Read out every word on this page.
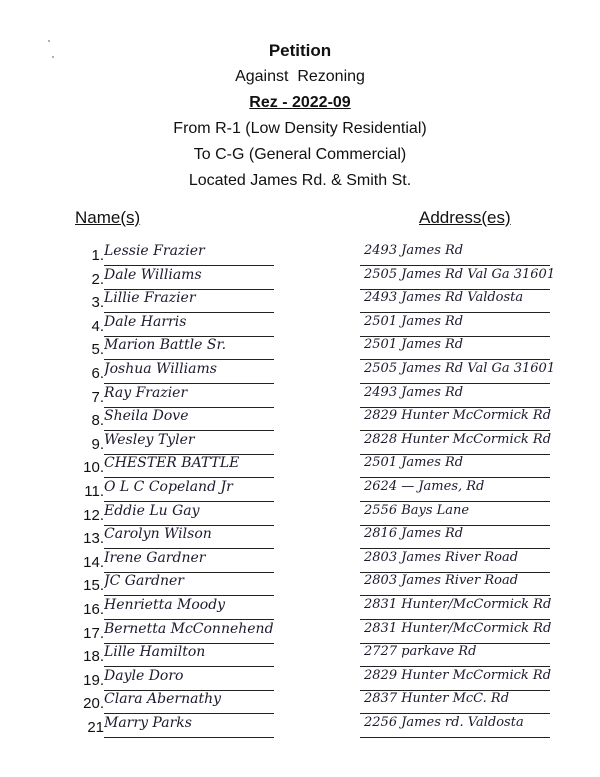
Petition
Against  Rezoning
Rez - 2022-09
From R-1 (Low Density Residential)
To C-G (General Commercial)
Located James Rd. & Smith St.
Name(s)	Address(es)
1. Lessie Frazier	2493 James Rd
2. Dale Williams	2505 James Rd Val Ga 31601
3. Lillie Frazier	2493 James Rd Valdosta
4. Dale Harris	2501 James Rd
5. Marion Battle Sr.	2501 James Rd
6. Joshua Williams	2505 James Rd Val Ga 31601
7. Ray Frazier	2493 James Rd
8. Sheila Dove	2829 Hunter McCormick Rd
9. Wesley Tyler	2828 Hunter McCormick Rd
10. CHESTER BATTLE	2501 James Rd
11. O L C Copeland Jr	2624 — James, Rd
12. Eddie Lu Gay	2556 Bays Lane
13. Carolyn Wilson	2816 James Rd
14. Irene Gardner	2803 James River Road
15. JC Gardner	2803 James River Road
16. Henrietta Moody	2831 Hunter/McCormick Rd
17. Bernetta McConnehend	2831 Hunter/McCormick Rd
18. Lille Hamilton	2727 parkave Rd
19. Dayle Doro	2829 Hunter McCormick Rd
20. Clara Abernathy	2837 Hunter McC. Rd
21 Marry Parks	2256 James rd. Valdosta
